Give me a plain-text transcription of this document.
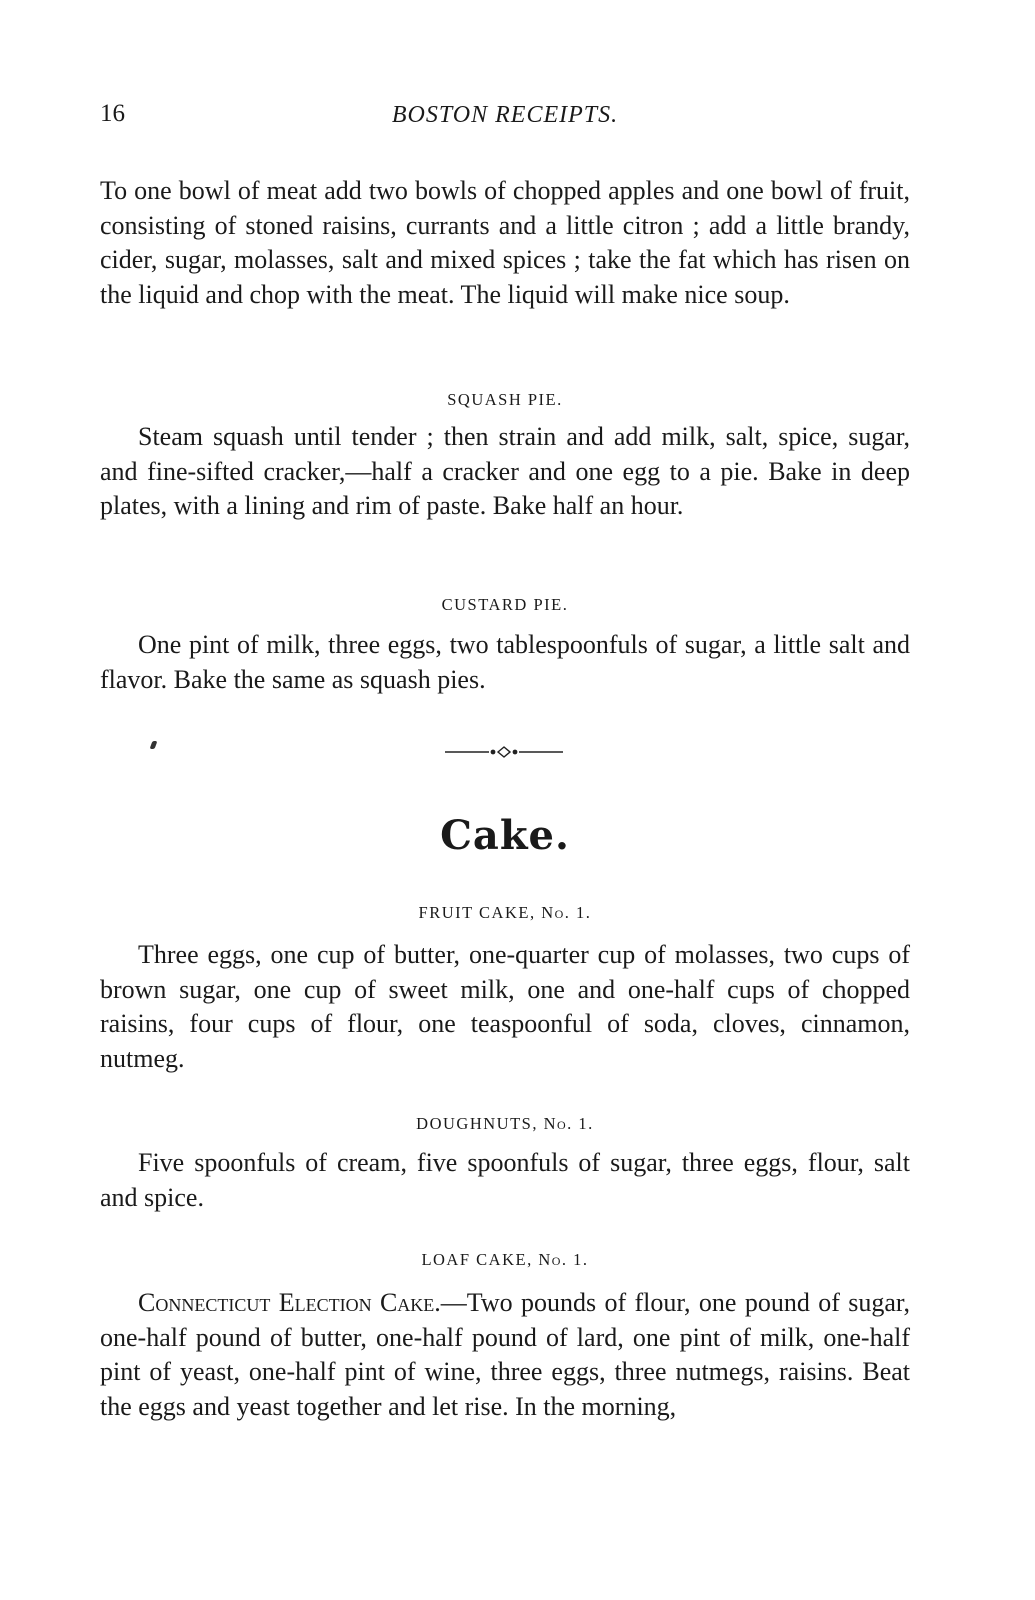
16	BOSTON RECEIPTS.

To one bowl of meat add two bowls of chopped apples and one bowl of fruit, consisting of stoned raisins, currants and a little citron ; add a little brandy, cider, sugar, molasses, salt and mixed spices ; take the fat which has risen on the liquid and chop with the meat. The liquid will make nice soup.

SQUASH PIE.

Steam squash until tender ; then strain and add milk, salt, spice, sugar, and fine-sifted cracker,—half a cracker and one egg to a pie. Bake in deep plates, with a lining and rim of paste. Bake half an hour.

CUSTARD PIE.

One pint of milk, three eggs, two tablespoonfuls of sugar, a little salt and flavor. Bake the same as squash pies.

Cake.

FRUIT CAKE, No. 1.

Three eggs, one cup of butter, one-quarter cup of molasses, two cups of brown sugar, one cup of sweet milk, one and one-half cups of chopped raisins, four cups of flour, one teaspoonful of soda, cloves, cinnamon, nutmeg.

DOUGHNUTS, No. 1.

Five spoonfuls of cream, five spoonfuls of sugar, three eggs, flour, salt and spice.

LOAF CAKE, No. 1.

Connecticut Election Cake.—Two pounds of flour, one pound of sugar, one-half pound of butter, one-half pound of lard, one pint of milk, one-half pint of yeast, one-half pint of wine, three eggs, three nutmegs, raisins. Beat the eggs and yeast together and let rise. In the morning,
